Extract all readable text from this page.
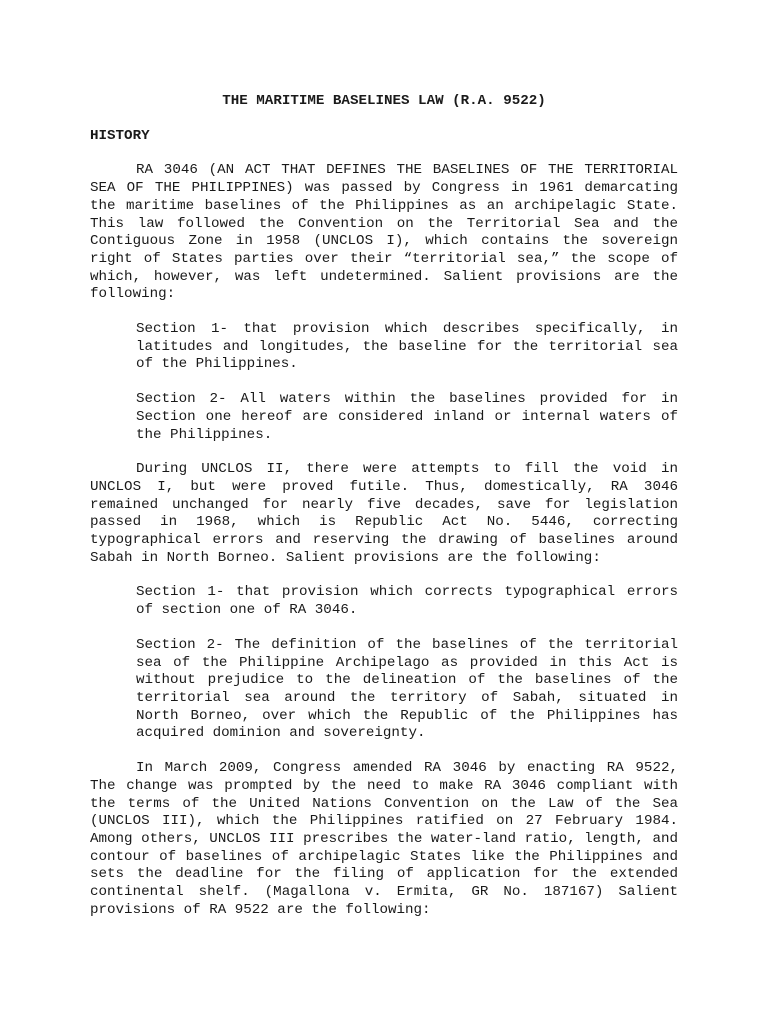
THE MARITIME BASELINES LAW (R.A. 9522)
HISTORY

RA 3046 (AN ACT THAT DEFINES THE BASELINES OF THE TERRITORIAL SEA OF THE PHILIPPINES) was passed by Congress in 1961 demarcating the maritime baselines of the Philippines as an archipelagic State. This law followed the Convention on the Territorial Sea and the Contiguous Zone in 1958 (UNCLOS I), which contains the sovereign right of States parties over their “territorial sea,” the scope of which, however, was left undetermined. Salient provisions are the following:

Section 1- that provision which describes specifically, in latitudes and longitudes, the baseline for the territorial sea of the Philippines.

Section 2- All waters within the baselines provided for in Section one hereof are considered inland or internal waters of the Philippines.

During UNCLOS II, there were attempts to fill the void in UNCLOS I, but were proved futile. Thus, domestically, RA 3046 remained unchanged for nearly five decades, save for legislation passed in 1968, which is Republic Act No. 5446, correcting typographical errors and reserving the drawing of baselines around Sabah in North Borneo. Salient provisions are the following:

Section 1- that provision which corrects typographical errors of section one of RA 3046.

Section 2- The definition of the baselines of the territorial sea of the Philippine Archipelago as provided in this Act is without prejudice to the delineation of the baselines of the territorial sea around the territory of Sabah, situated in North Borneo, over which the Republic of the Philippines has acquired dominion and sovereignty.

In March 2009, Congress amended RA 3046 by enacting RA 9522, The change was prompted by the need to make RA 3046 compliant with the terms of the United Nations Convention on the Law of the Sea (UNCLOS III), which the Philippines ratified on 27 February 1984. Among others, UNCLOS III prescribes the water-land ratio, length, and contour of baselines of archipelagic States like the Philippines and sets the deadline for the filing of application for the extended continental shelf. (Magallona v. Ermita, GR No. 187167) Salient provisions of RA 9522 are the following:
